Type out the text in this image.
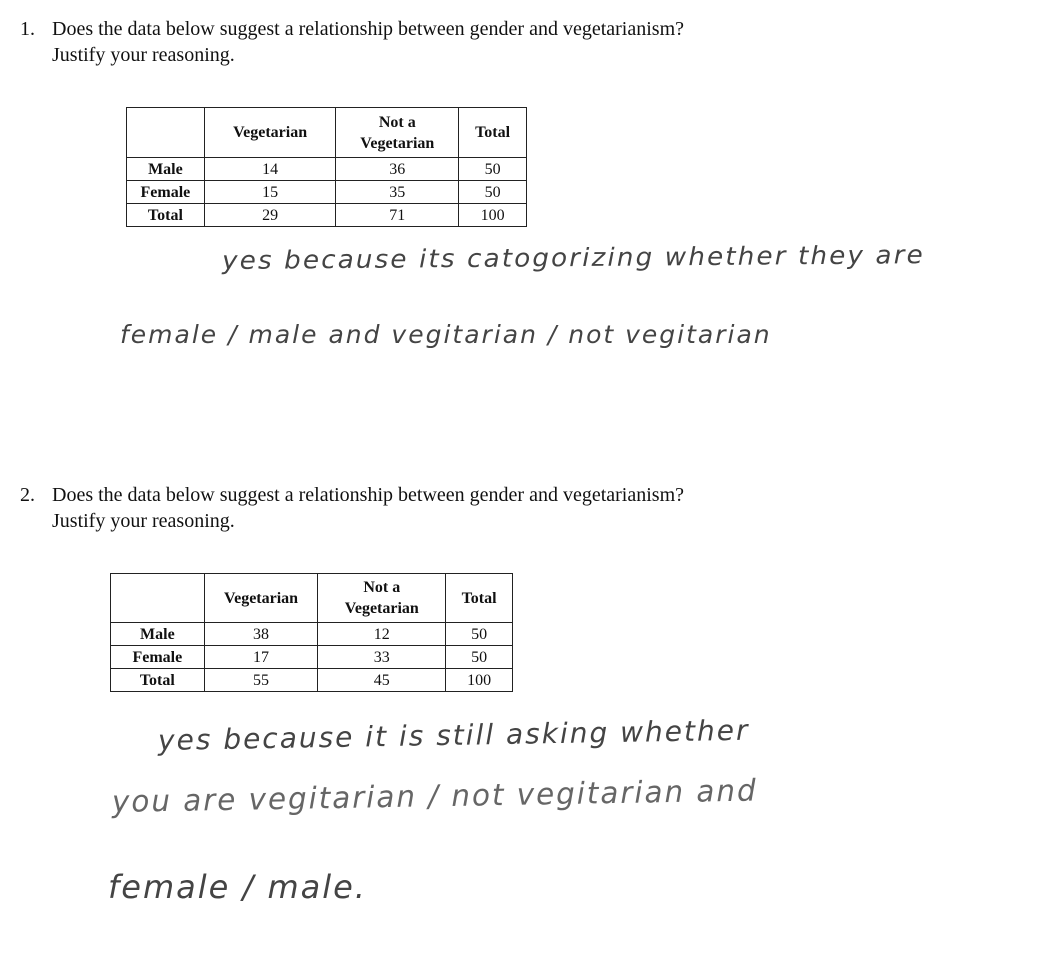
1. Does the data below suggest a relationship between gender and vegetarianism?
Justify your reasoning.
	Vegetarian	Not a Vegetarian	Total
Male	14	36	50
Female	15	35	50
Total	29	71	100
yes because its catogorizing whether they are
female / male and vegitarian / not vegitarian
2. Does the data below suggest a relationship between gender and vegetarianism?
Justify your reasoning.
	Vegetarian	Not a Vegetarian	Total
Male	38	12	50
Female	17	33	50
Total	55	45	100
yes because it is still asking whether
you are vegitarian / not vegitarian and
female / male.
